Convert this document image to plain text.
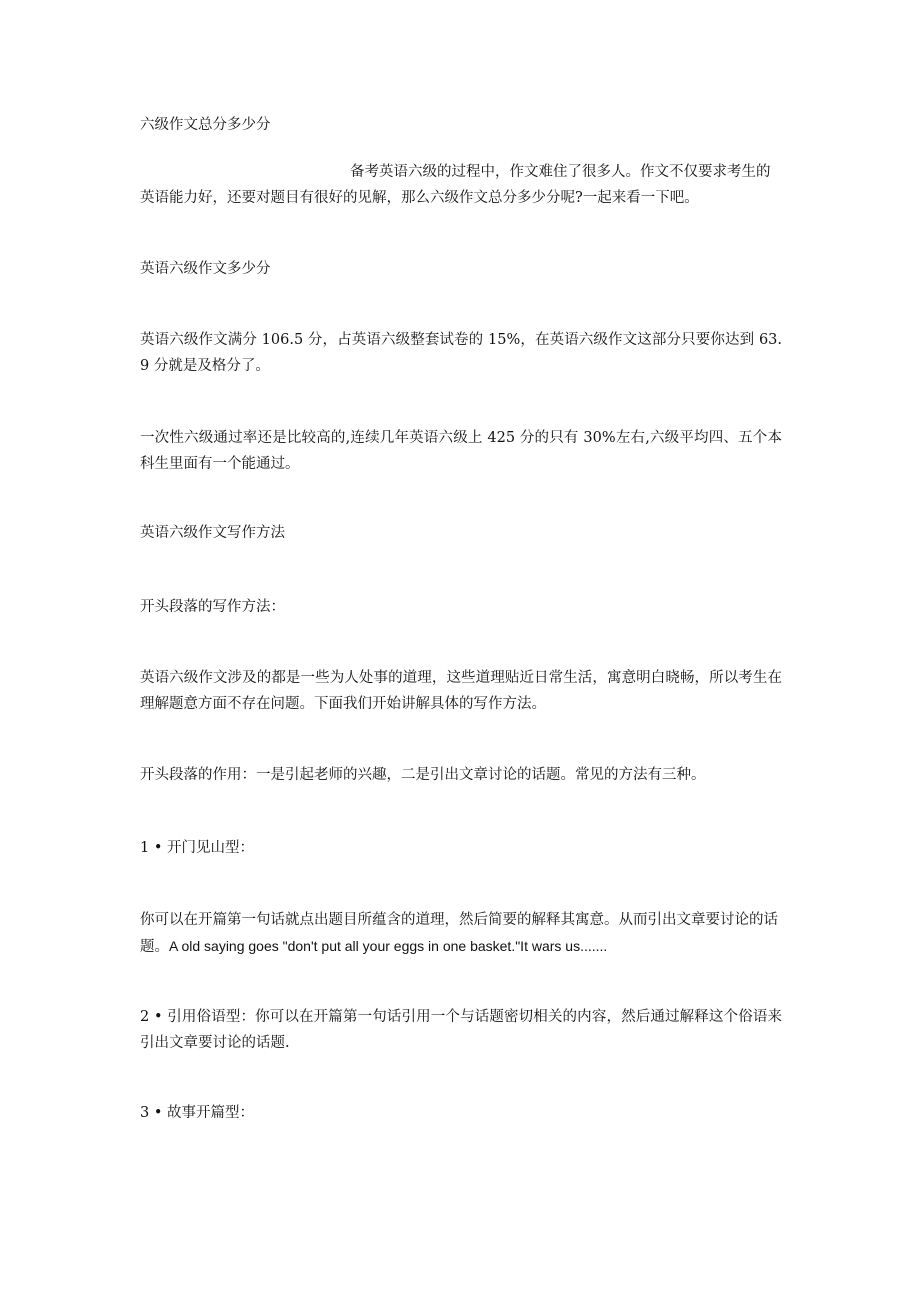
六级作文总分多少分

备考英语六级的过程中，作文难住了很多人。作文不仅要求考生的英语能力好，还要对题目有很好的见解，那么六级作文总分多少分呢?一起来看一下吧。

英语六级作文多少分

英语六级作文满分 106.5 分，占英语六级整套试卷的 15%，在英语六级作文这部分只要你达到 63.9 分就是及格分了。

一次性六级通过率还是比较高的,连续几年英语六级上 425 分的只有 30%左右,六级平均四、五个本科生里面有一个能通过。

英语六级作文写作方法

开头段落的写作方法：

英语六级作文涉及的都是一些为人处事的道理，这些道理贴近日常生活，寓意明白晓畅，所以考生在理解题意方面不存在问题。下面我们开始讲解具体的写作方法。

开头段落的作用：一是引起老师的兴趣，二是引出文章讨论的话题。常见的方法有三种。

1 • 开门见山型：

你可以在开篇第一句话就点出题目所蕴含的道理，然后简要的解释其寓意。从而引出文章要讨论的话题。A old saying goes "don't put all your eggs in one basket."It wars us.......

2 • 引用俗语型：你可以在开篇第一句话引用一个与话题密切相关的内容，然后通过解释这个俗语来引出文章要讨论的话题.

3 • 故事开篇型：
